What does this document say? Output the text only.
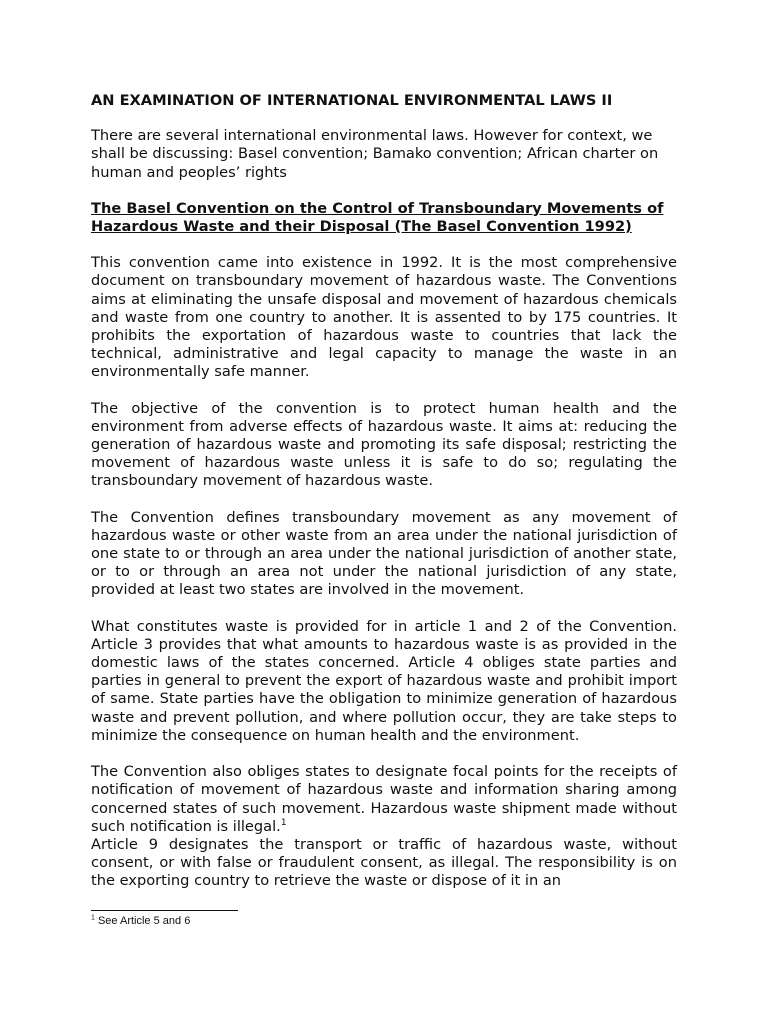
AN EXAMINATION OF INTERNATIONAL ENVIRONMENTAL LAWS II
There are several international environmental laws. However for context, we shall be discussing: Basel convention; Bamako convention; African charter on human and peoples’ rights
The Basel Convention on the Control of Transboundary Movements of Hazardous Waste and their Disposal (The Basel Convention 1992)
This convention came into existence in 1992. It is the most comprehensive document on transboundary movement of hazardous waste. The Conventions aims at eliminating the unsafe disposal and movement of hazardous chemicals and waste from one country to another. It is assented to by 175 countries. It prohibits the exportation of hazardous waste to countries that lack the technical, administrative and legal capacity to manage the waste in an environmentally safe manner.
The objective of the convention is to protect human health and the environment from adverse effects of hazardous waste. It aims at: reducing the generation of hazardous waste and promoting its safe disposal; restricting the movement of hazardous waste unless it is safe to do so; regulating the transboundary movement of hazardous waste.
The Convention defines transboundary movement as any movement of hazardous waste or other waste from an area under the national jurisdiction of one state to or through an area under the national jurisdiction of another state, or to or through an area not under the national jurisdiction of any state, provided at least two states are involved in the movement.
What constitutes waste is provided for in article 1 and 2 of the Convention. Article 3 provides that what amounts to hazardous waste is as provided in the domestic laws of the states concerned. Article 4 obliges state parties and parties in general to prevent the export of hazardous waste and prohibit import of same. State parties have the obligation to minimize generation of hazardous waste and prevent pollution, and where pollution occur, they are take steps to minimize the consequence on human health and the environment.
The Convention also obliges states to designate focal points for the receipts of notification of movement of hazardous waste and information sharing among concerned states of such movement. Hazardous waste shipment made without such notification is illegal.$^1$
Article 9 designates the transport or traffic of hazardous waste, without consent, or with false or fraudulent consent, as illegal. The responsibility is on the exporting country to retrieve the waste or dispose of it in an
$^1$ See Article 5 and 6
